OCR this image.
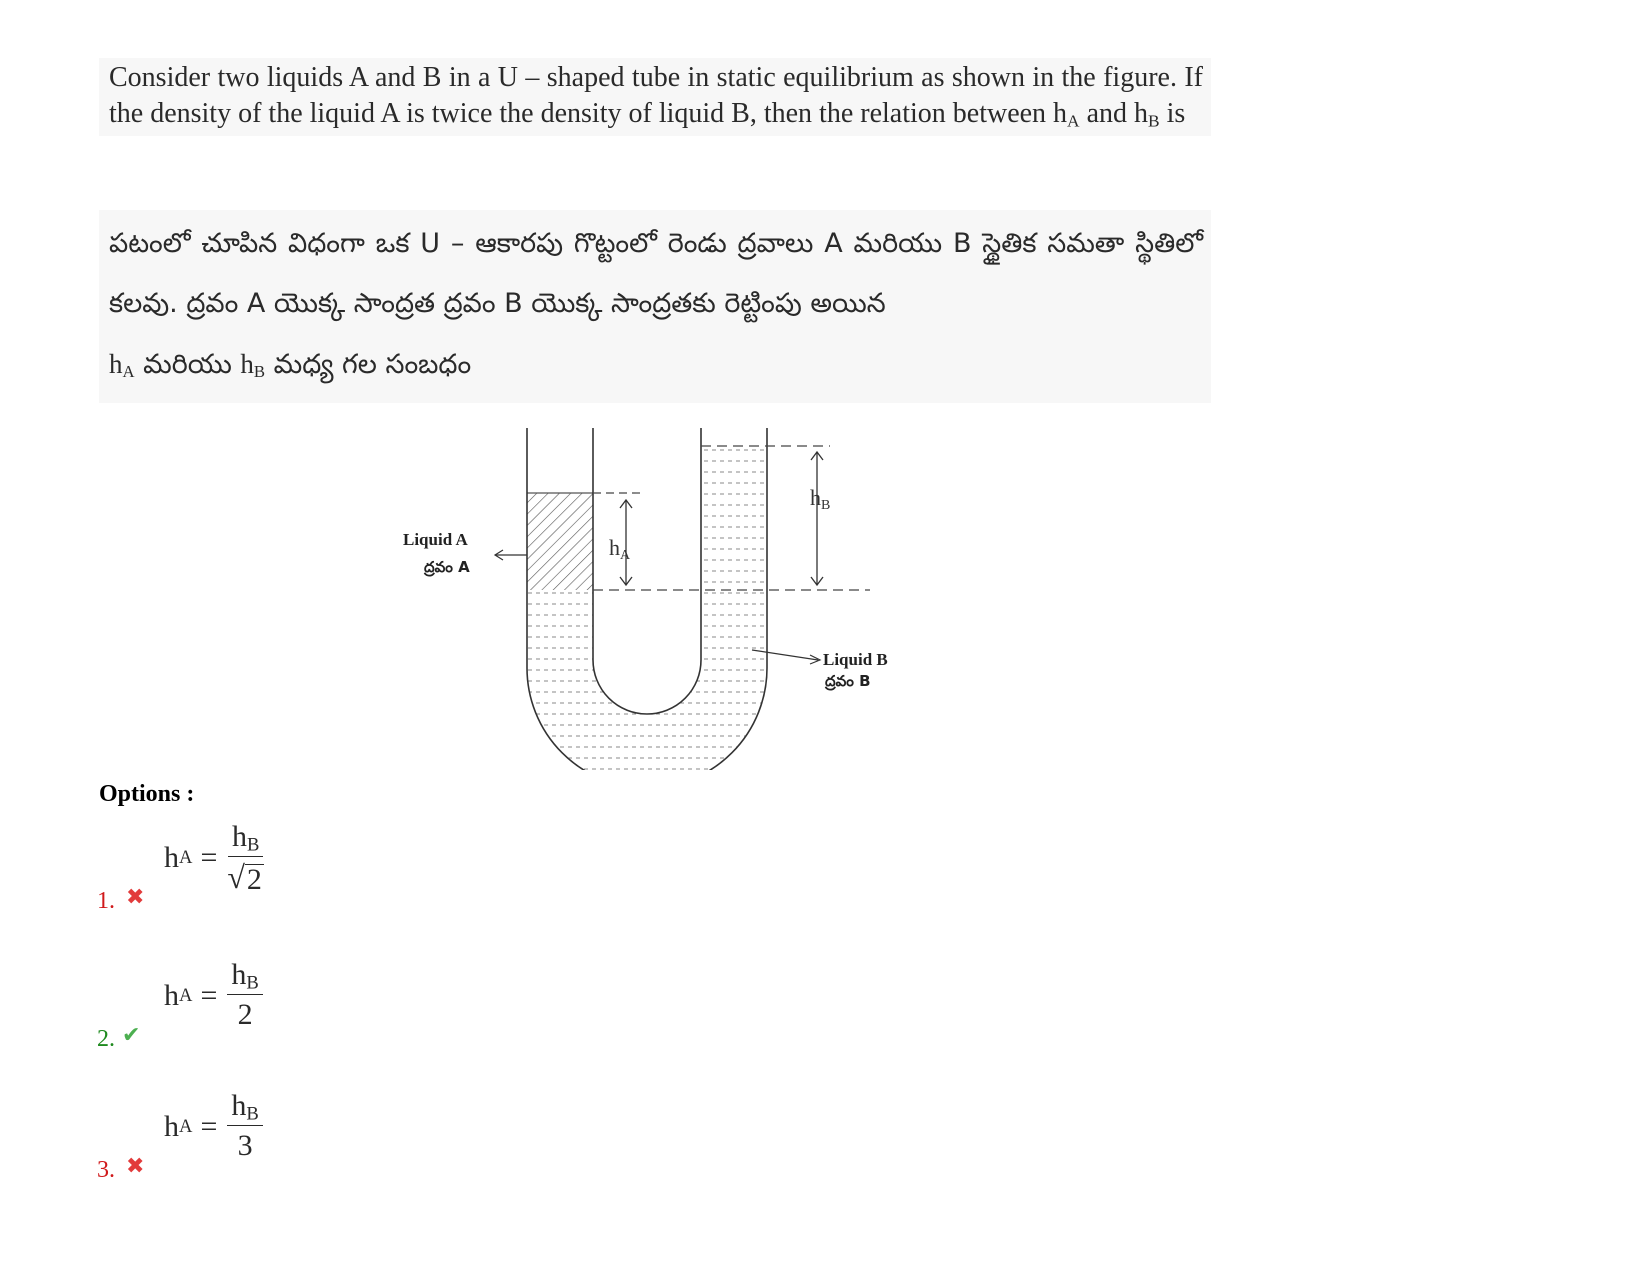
Consider two liquids A and B in a U – shaped tube in static equilibrium as shown in the figure. If the density of the liquid A is twice the density of liquid B, then the relation between $h_A$ and $h_B$ is
పటంలో చూపిన విధంగా ఒక U – ఆకారపు గొట్టంలో రెండు ద్రవాలు A మరియు B స్థైతిక సమతా స్థితిలో కలవు. ద్రవం A యొక్క సాంద్రత ద్రవం B యొక్క సాంద్రతకు రెట్టింపు అయిన
$h_A$ మరియు $h_B$ మధ్య గల సంబధం
hA
hB
Liquid A
ద్రవం A
Liquid B
ద్రవం B
Options :
1. ✖
h $A = \frac{h_B}{√ 2}$
2. ✔
h $A = \frac{h_B}{2}$
3. ✖
h $A = \frac{h_B}{3}$
